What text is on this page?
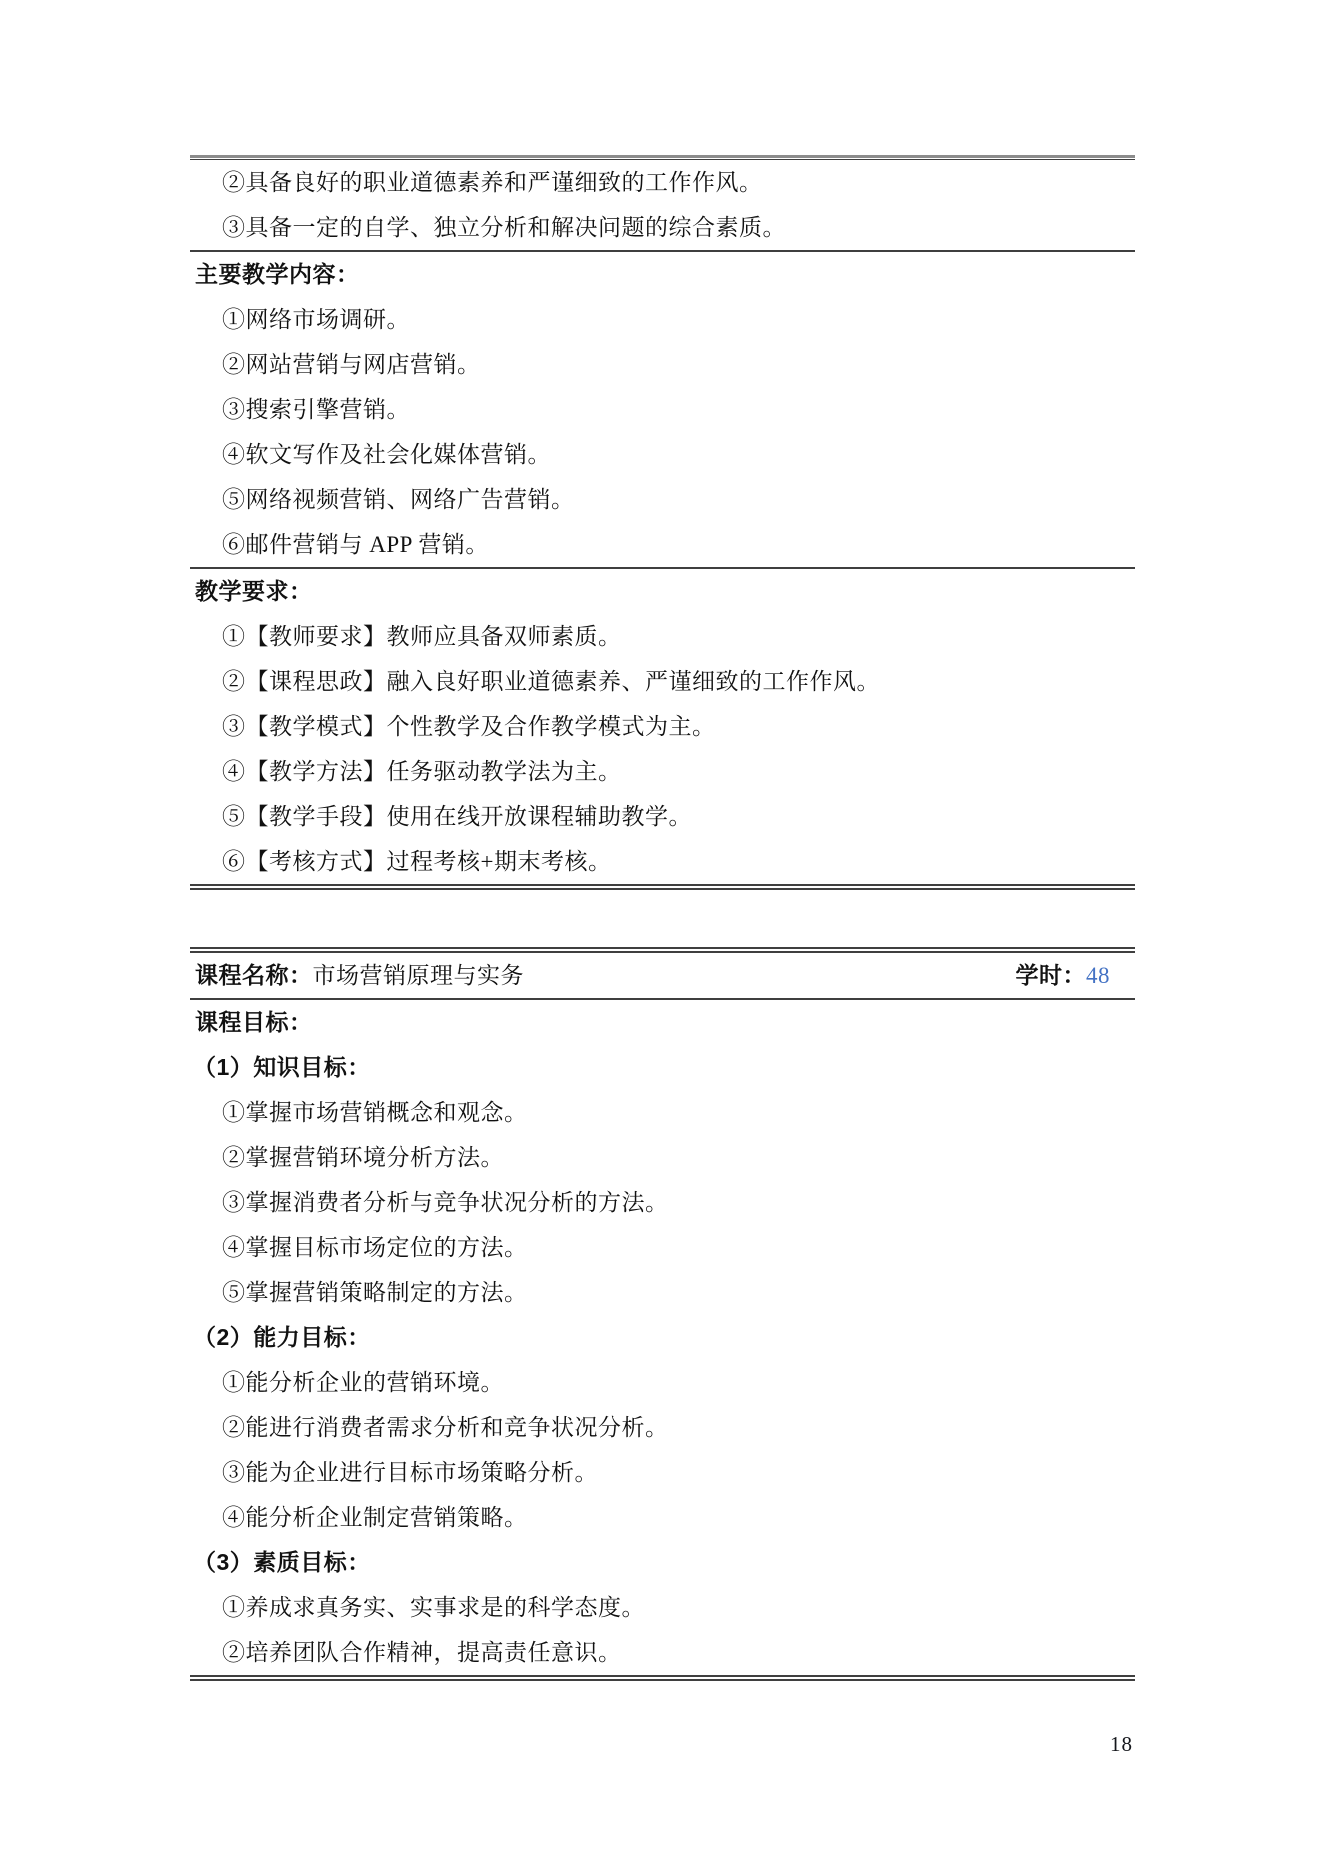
②具备良好的职业道德素养和严谨细致的工作作风。

③具备一定的自学、独立分析和解决问题的综合素质。

主要教学内容：

①网络市场调研。

②网站营销与网店营销。

③搜索引擎营销。

④软文写作及社会化媒体营销。

⑤网络视频营销、网络广告营销。

⑥邮件营销与 APP 营销。

教学要求：

①【教师要求】教师应具备双师素质。

②【课程思政】融入良好职业道德素养、严谨细致的工作作风。

③【教学模式】个性教学及合作教学模式为主。

④【教学方法】任务驱动教学法为主。

⑤【教学手段】使用在线开放课程辅助教学。

⑥【考核方式】过程考核+期末考核。

课程名称：市场营销原理与实务	学时：48

课程目标：

（1）知识目标：

①掌握市场营销概念和观念。

②掌握营销环境分析方法。

③掌握消费者分析与竞争状况分析的方法。

④掌握目标市场定位的方法。

⑤掌握营销策略制定的方法。

（2）能力目标：

①能分析企业的营销环境。

②能进行消费者需求分析和竞争状况分析。

③能为企业进行目标市场策略分析。

④能分析企业制定营销策略。

（3）素质目标：

①养成求真务实、实事求是的科学态度。

②培养团队合作精神，提高责任意识。

18
